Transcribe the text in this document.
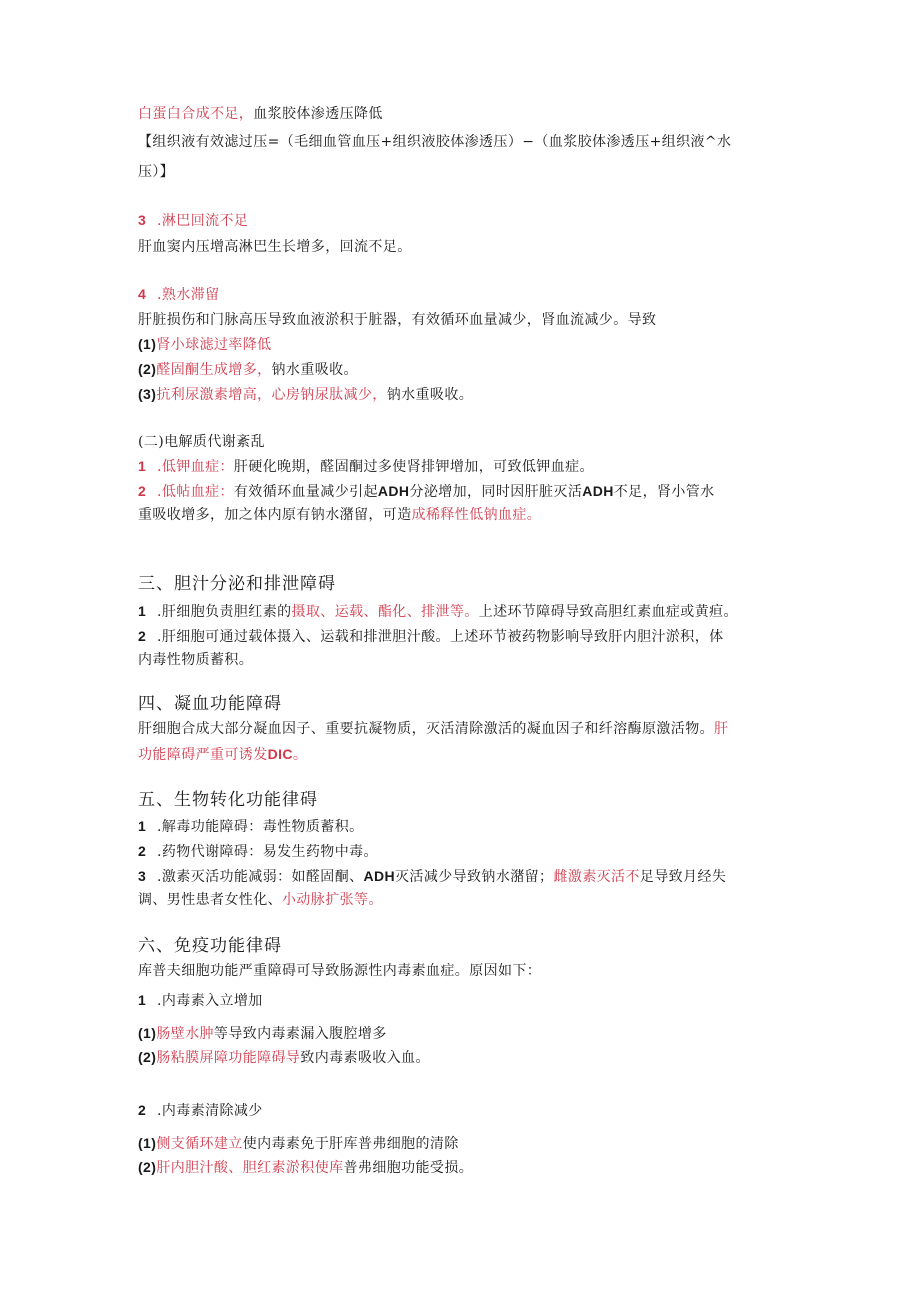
白蛋白合成不足，血浆胶体渗透压降低
【组织液有效滤过压=（毛细血管血压+组织液胶体渗透压）−（血浆胶体渗透压+组织液^水
压）】
3 .淋巴回流不足
肝血窦内压增高淋巴生长增多，回流不足。
4 .熟水滞留
肝脏损伤和门脉高压导致血液淤积于脏器，有效循环血量减少，肾血流减少。导致
(1)肾小球滤过率降低
(2)醛固酮生成增多，钠水重吸收。
(3)抗利尿激素增高，心房钠尿肽减少，钠水重吸收。
(二)电解质代谢紊乱
1 .低钾血症：肝硬化晚期，醛固酮过多使肾排钾增加，可致低钾血症。
2 .低帖血症：有效循环血量减少引起ADH分泌增加，同时因肝脏灭活ADH不足，肾小管水
重吸收增多，加之体内原有钠水潴留，可造成稀释性低钠血症。
三、胆汁分泌和排泄障碍
1 .肝细胞负责胆红素的摄取、运载、酯化、排泄等。上述环节障碍导致高胆红素血症或黄疸。
2 .肝细胞可通过载体摄入、运载和排泄胆汁酸。上述环节被药物影响导致肝内胆汁淤积，体
内毒性物质蓄积。
四、凝血功能障碍
肝细胞合成大部分凝血因子、重要抗凝物质，灭活清除激活的凝血因子和纤溶酶原激活物。肝
功能障碍严重可诱发DIC。
五、生物转化功能律碍
1 .解毒功能障碍：毒性物质蓄积。
2 .药物代谢障碍：易发生药物中毒。
3 .激素灭活功能减弱：如醛固酮、ADH灭活减少导致钠水潴留；雌激素灭活不足导致月经失
调、男性患者女性化、小动脉扩张等。
六、免疫功能律碍
库普夫细胞功能严重障碍可导致肠源性内毒素血症。原因如下：
1 .内毒素入立增加
(1)肠壁水肿等导致内毒素漏入腹腔增多
(2)肠粘膜屏障功能障碍导致内毒素吸收入血。
2 .内毒素清除减少
(1)侧支循环建立使内毒素免于肝库普弗细胞的清除
(2)肝内胆汁酸、胆红素淤积使库普弗细胞功能受损。
